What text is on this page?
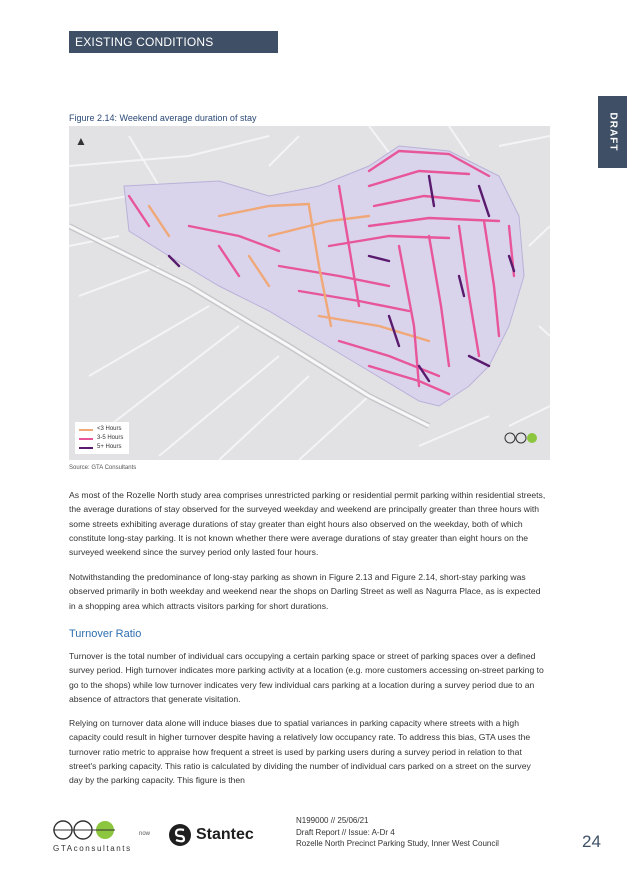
EXISTING CONDITIONS
DRAFT
Figure 2.14: Weekend average duration of stay
▲
<3 Hours
3-5 Hours
5+ Hours
Source: GTA Consultants

As most of the Rozelle North study area comprises unrestricted parking or residential permit parking within residential streets, the average durations of stay observed for the surveyed weekday and weekend are principally greater than three hours with some streets exhibiting average durations of stay greater than eight hours also observed on the weekday, both of which constitute long-stay parking. It is not known whether there were average durations of stay greater than eight hours on the surveyed weekend since the survey period only lasted four hours.

Notwithstanding the predominance of long-stay parking as shown in Figure 2.13 and Figure 2.14, short-stay parking was observed primarily in both weekday and weekend near the shops on Darling Street as well as Nagurra Place, as is expected in a shopping area which attracts visitors parking for short durations.

Turnover Ratio

Turnover is the total number of individual cars occupying a certain parking space or street of parking spaces over a defined survey period. High turnover indicates more parking activity at a location (e.g. more customers accessing on-street parking to go to the shops) while low turnover indicates very few individual cars parking at a location during a survey period due to an absence of attractors that generate visitation.

Relying on turnover data alone will induce biases due to spatial variances in parking capacity where streets with a high capacity could result in higher turnover despite having a relatively low occupancy rate. To address this bias, GTA uses the turnover ratio metric to appraise how frequent a street is used by parking users during a survey period in relation to that street's parking capacity. This ratio is calculated by dividing the number of individual cars parked on a street on the survey day by the parking capacity. This figure is then

GTAconsultants
now	Stantec
N199000 // 25/06/21
Draft Report // Issue: A-Dr 4
Rozelle North Precinct Parking Study, Inner West Council	24
